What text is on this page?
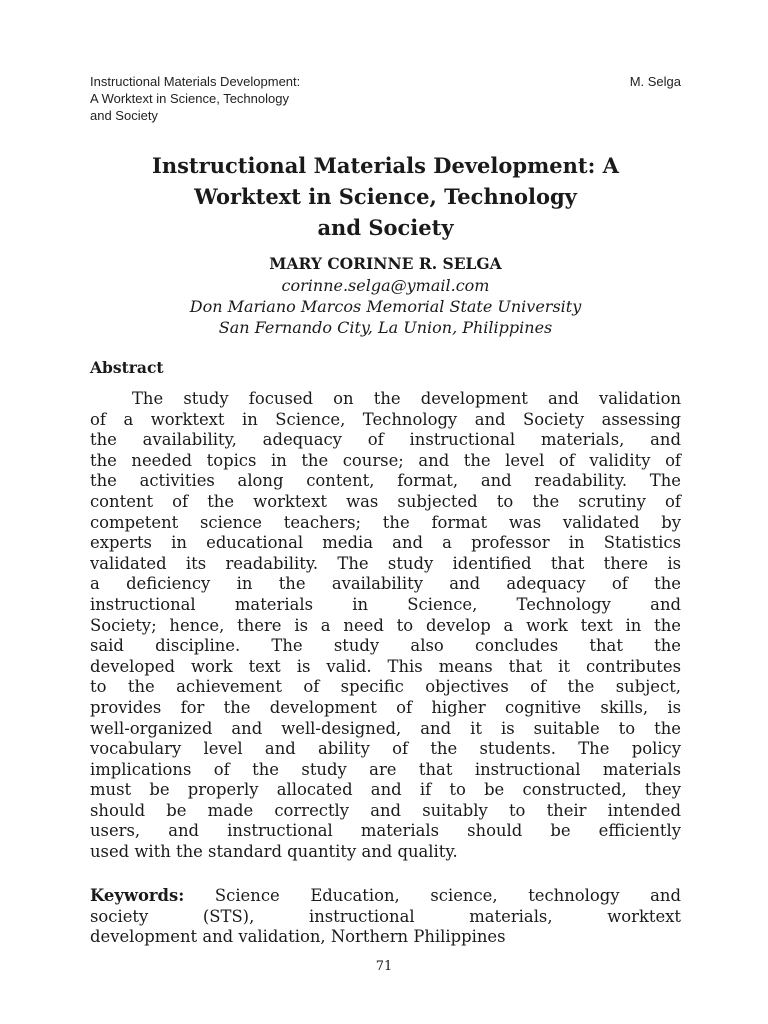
Instructional Materials Development:
A Worktext in Science, Technology
and Society
M. Selga
Instructional Materials Development: A
Worktext in Science, Technology
and Society
MARY CORINNE R. SELGA
corinne.selga@ymail.com
Don Mariano Marcos Memorial State University
San Fernando City, La Union, Philippines
Abstract
The study focused on the development and validation
of a worktext in Science, Technology and Society assessing
the availability, adequacy of instructional materials, and
the needed topics in the course; and the level of validity of
the activities along content, format, and readability. The
content of the worktext was subjected to the scrutiny of
competent science teachers; the format was validated by
experts in educational media and a professor in Statistics
validated its readability. The study identified that there is
a deficiency in the availability and adequacy of the
instructional materials in Science, Technology and
Society; hence, there is a need to develop a work text in the
said discipline. The study also concludes that the
developed work text is valid. This means that it contributes
to the achievement of specific objectives of the subject,
provides for the development of higher cognitive skills, is
well-organized and well-designed, and it is suitable to the
vocabulary level and ability of the students. The policy
implications of the study are that instructional materials
must be properly allocated and if to be constructed, they
should be made correctly and suitably to their intended
users, and instructional materials should be efficiently
used with the standard quantity and quality.
Keywords: Science Education, science, technology and
society (STS), instructional materials, worktext
development and validation, Northern Philippines
71
